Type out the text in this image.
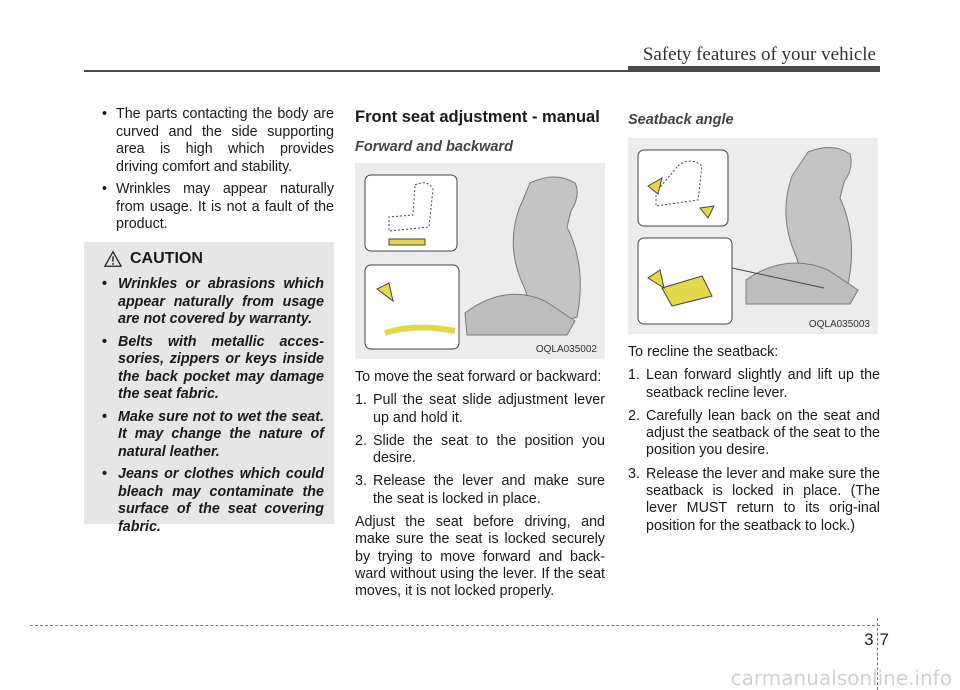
Safety features of your vehicle
• The parts contacting the body are curved and the side supporting area is high which provides driving comfort and stability.
• Wrinkles may appear naturally from usage. It is not a fault of the product.
CAUTION
• Wrinkles or abrasions which appear naturally from usage are not covered by warranty.
• Belts with metallic acces-sories, zippers or keys inside the back pocket may damage the seat fabric.
• Make sure not to wet the seat. It may change the nature of natural leather.
• Jeans or clothes which could bleach may contaminate the surface of the seat covering fabric.
Front seat adjustment - manual
Forward and backward
OQLA035002
To move the seat forward or backward:
1. Pull the seat slide adjustment lever up and hold it.
2. Slide the seat to the position you desire.
3. Release the lever and make sure the seat is locked in place.
Adjust the seat before driving, and make sure the seat is locked securely by trying to move forward and back-ward without using the lever. If the seat moves, it is not locked properly.
Seatback angle
OQLA035003
To recline the seatback:
1. Lean forward slightly and lift up the seatback recline lever.
2. Carefully lean back on the seat and adjust the seatback of the seat to the position you desire.
3. Release the lever and make sure the seatback is locked in place. (The lever MUST return to its orig-inal position for the seatback to lock.)
37
carmanualsonline.info
